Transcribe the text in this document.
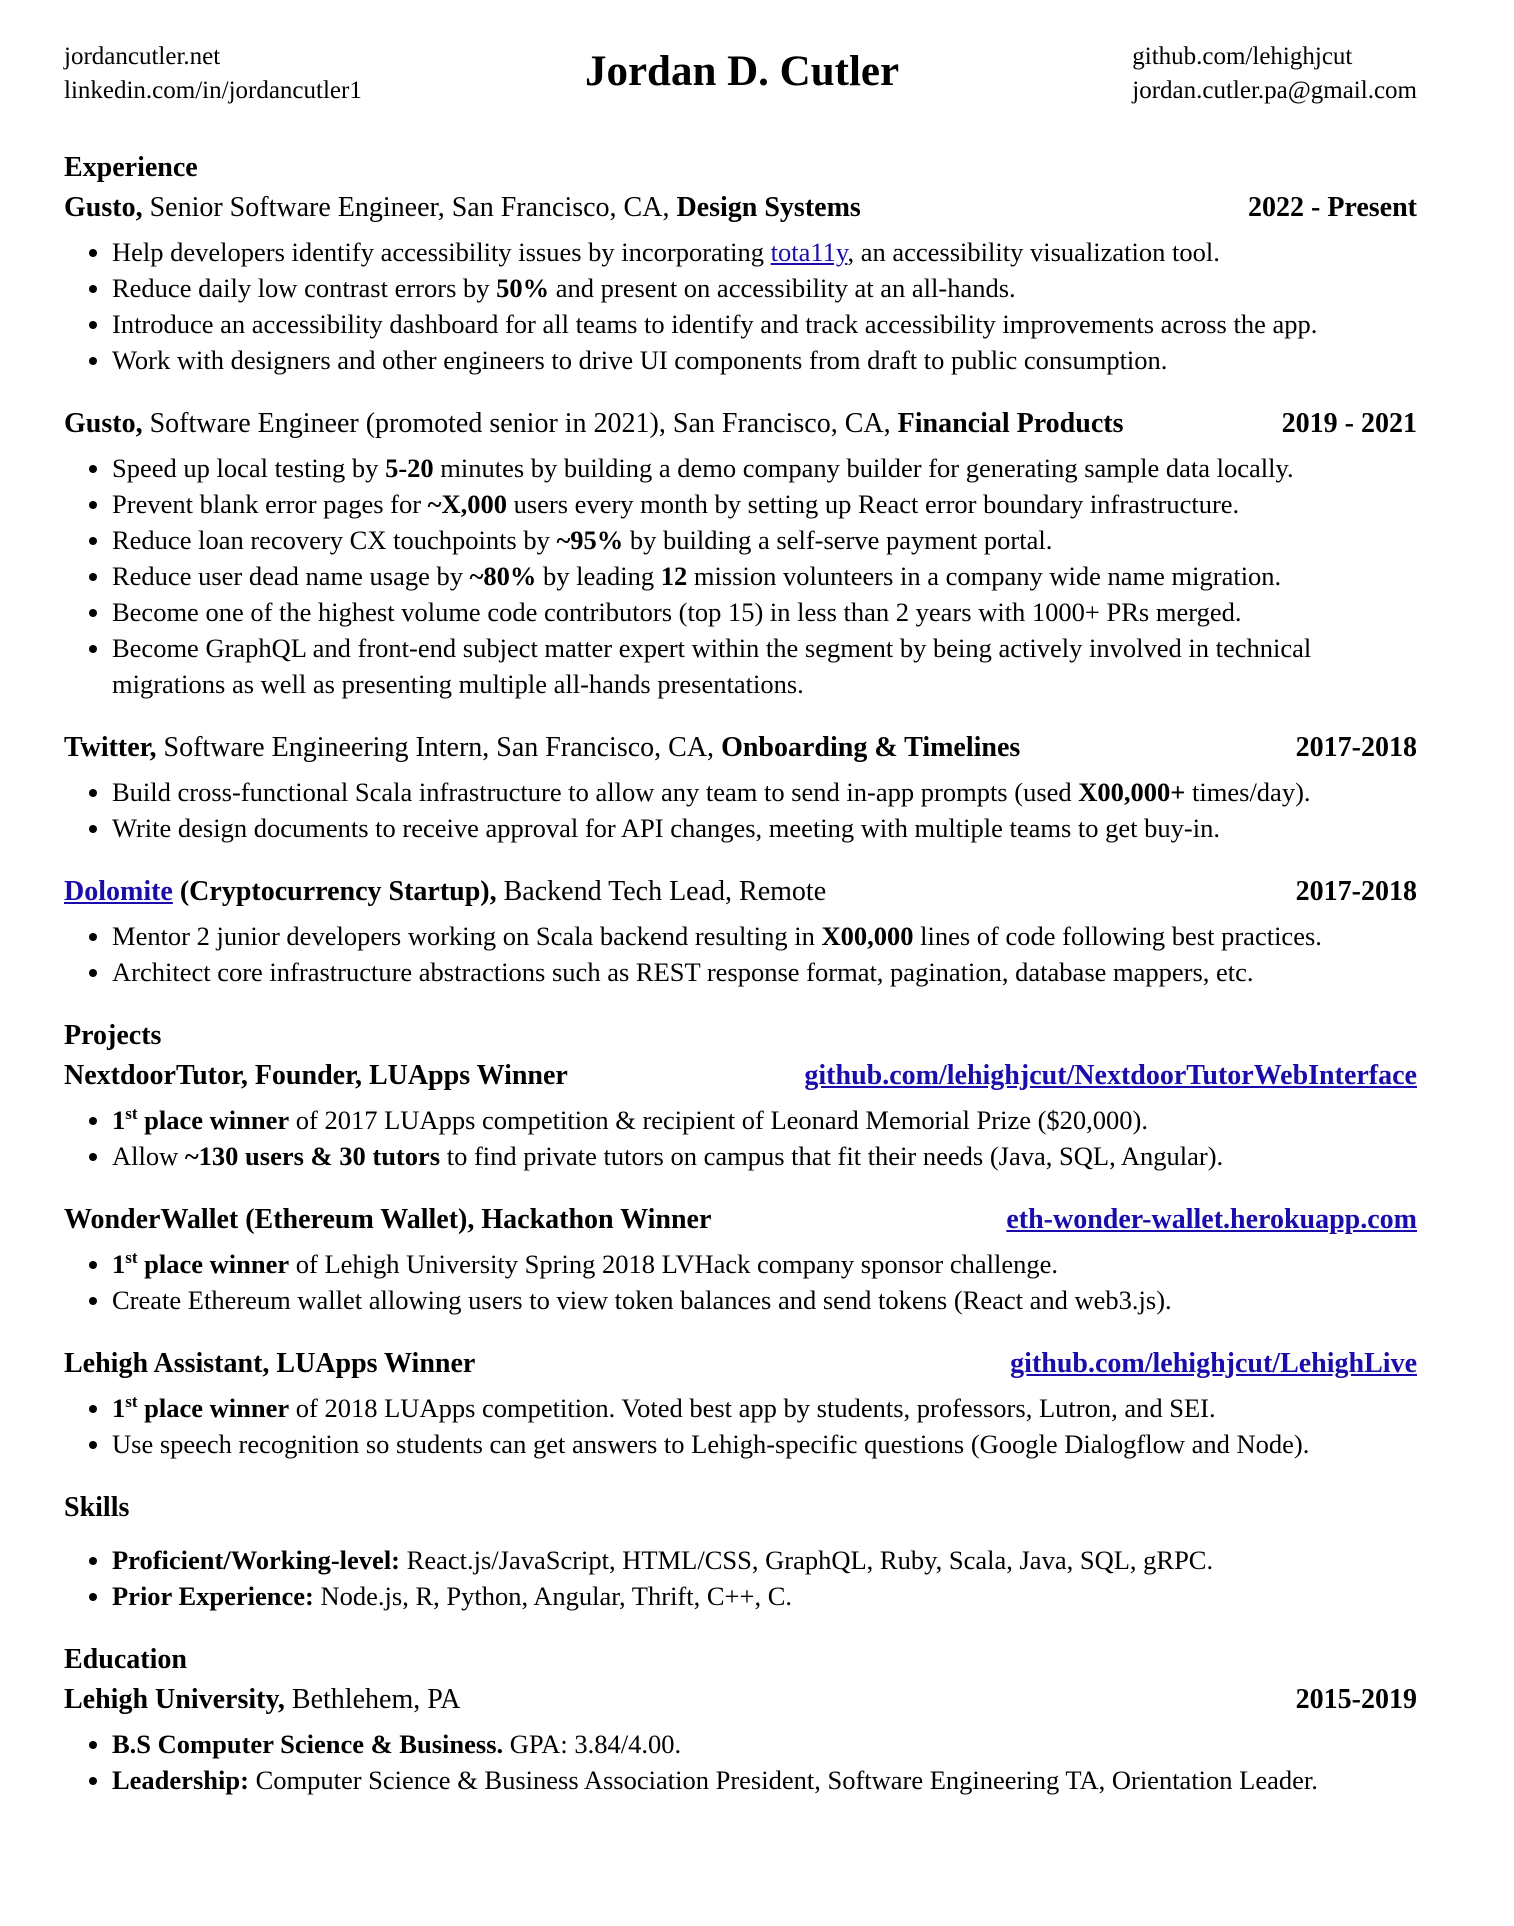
jordancutler.net
linkedin.com/in/jordancutler1	Jordan D. Cutler	github.com/lehighjcut
jordan.cutler.pa@gmail.com
Experience
Gusto, Senior Software Engineer, San Francisco, CA, Design Systems	2022 - Present
• Help developers identify accessibility issues by incorporating tota11y, an accessibility visualization tool.
• Reduce daily low contrast errors by 50% and present on accessibility at an all-hands.
• Introduce an accessibility dashboard for all teams to identify and track accessibility improvements across the app.
• Work with designers and other engineers to drive UI components from draft to public consumption.
Gusto, Software Engineer (promoted senior in 2021), San Francisco, CA, Financial Products	2019 - 2021
• Speed up local testing by 5-20 minutes by building a demo company builder for generating sample data locally.
• Prevent blank error pages for ~X,000 users every month by setting up React error boundary infrastructure.
• Reduce loan recovery CX touchpoints by ~95% by building a self-serve payment portal.
• Reduce user dead name usage by ~80% by leading 12 mission volunteers in a company wide name migration.
• Become one of the highest volume code contributors (top 15) in less than 2 years with 1000+ PRs merged.
• Become GraphQL and front-end subject matter expert within the segment by being actively involved in technical migrations as well as presenting multiple all-hands presentations.
Twitter, Software Engineering Intern, San Francisco, CA, Onboarding & Timelines	2017-2018
• Build cross-functional Scala infrastructure to allow any team to send in-app prompts (used X00,000+ times/day).
• Write design documents to receive approval for API changes, meeting with multiple teams to get buy-in.
Dolomite (Cryptocurrency Startup), Backend Tech Lead, Remote	2017-2018
• Mentor 2 junior developers working on Scala backend resulting in X00,000 lines of code following best practices.
• Architect core infrastructure abstractions such as REST response format, pagination, database mappers, etc.
Projects
NextdoorTutor, Founder, LUApps Winner	github.com/lehighjcut/NextdoorTutorWebInterface
• 1st place winner of 2017 LUApps competition & recipient of Leonard Memorial Prize ($20,000).
• Allow ~130 users & 30 tutors to find private tutors on campus that fit their needs (Java, SQL, Angular).
WonderWallet (Ethereum Wallet), Hackathon Winner	eth-wonder-wallet.herokuapp.com
• 1st place winner of Lehigh University Spring 2018 LVHack company sponsor challenge.
• Create Ethereum wallet allowing users to view token balances and send tokens (React and web3.js).
Lehigh Assistant, LUApps Winner	github.com/lehighjcut/LehighLive
• 1st place winner of 2018 LUApps competition. Voted best app by students, professors, Lutron, and SEI.
• Use speech recognition so students can get answers to Lehigh-specific questions (Google Dialogflow and Node).
Skills
• Proficient/Working-level: React.js/JavaScript, HTML/CSS, GraphQL, Ruby, Scala, Java, SQL, gRPC.
• Prior Experience: Node.js, R, Python, Angular, Thrift, C++, C.
Education
Lehigh University, Bethlehem, PA	2015-2019
• B.S Computer Science & Business. GPA: 3.84/4.00.
• Leadership: Computer Science & Business Association President, Software Engineering TA, Orientation Leader.
